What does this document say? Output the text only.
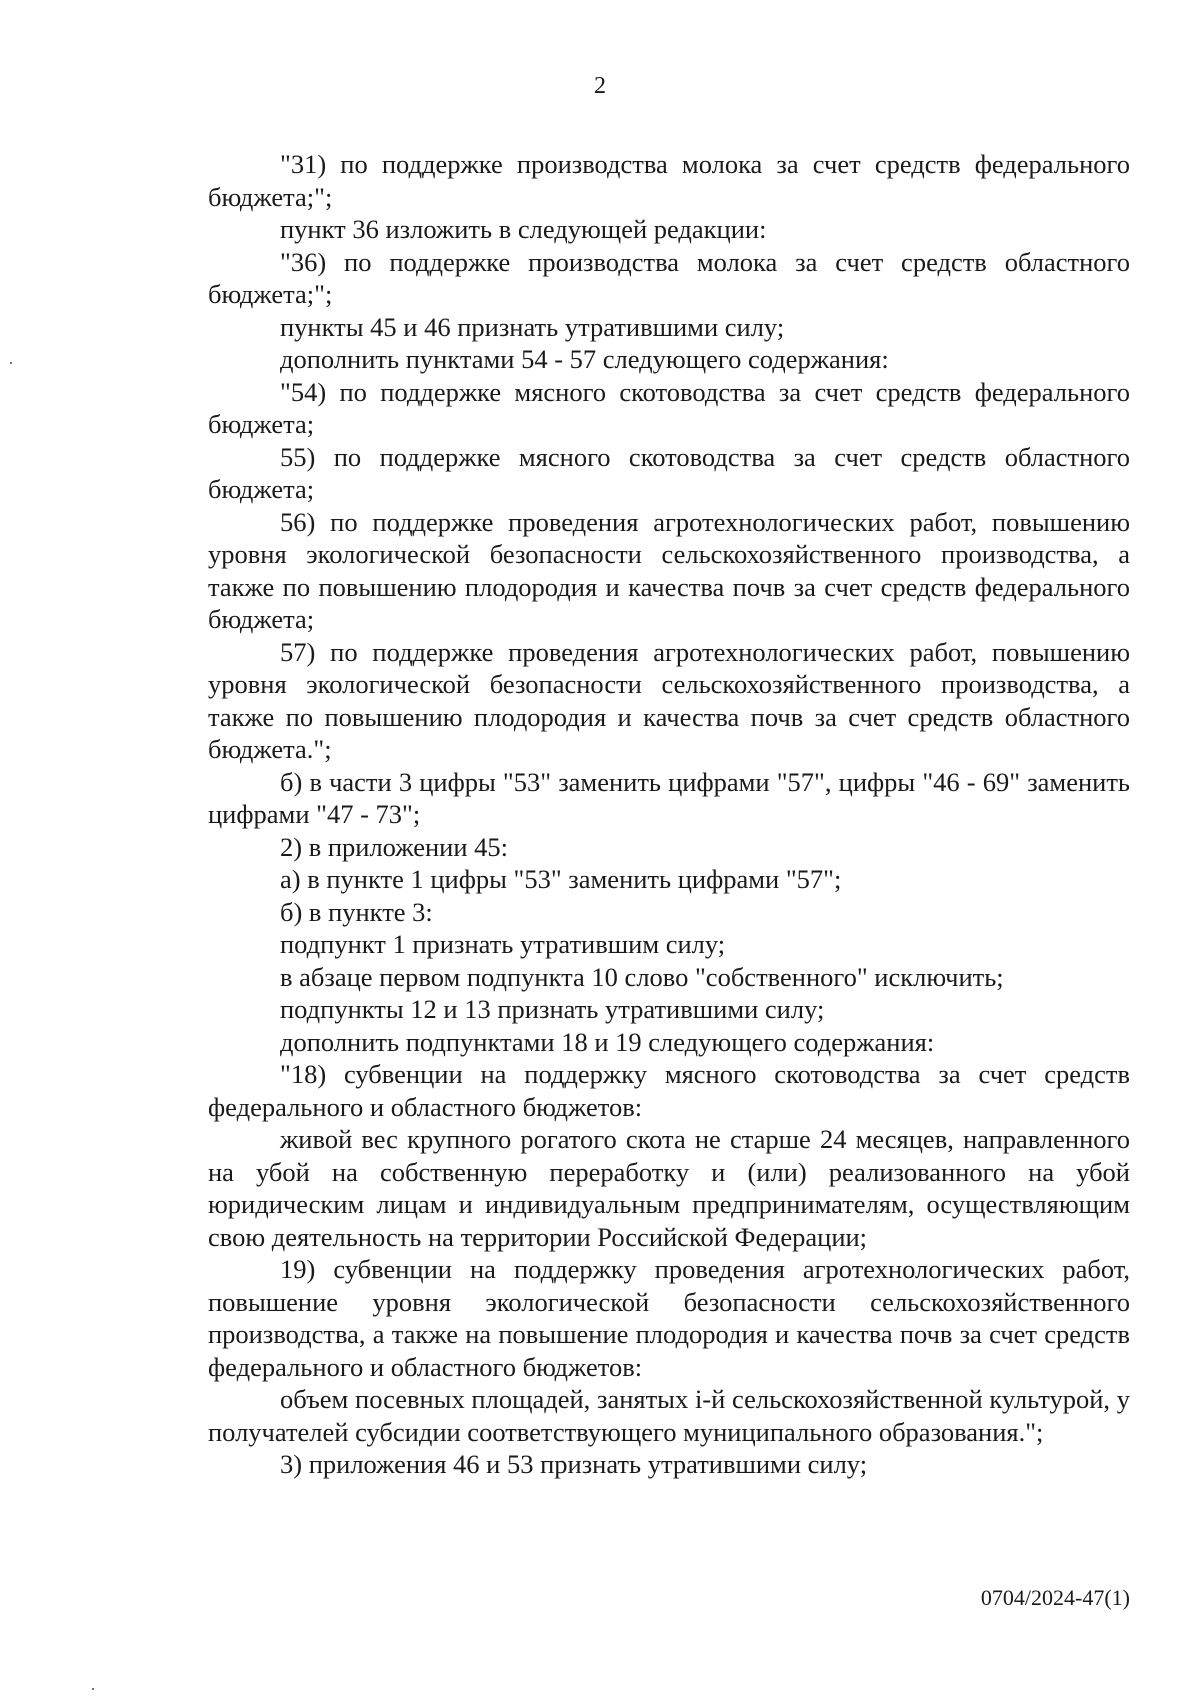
2

"31) по поддержке производства молока за счет средств федерального бюджета;";

пункт 36 изложить в следующей редакции:

"36) по поддержке производства молока за счет средств областного бюджета;";

пункты 45 и 46 признать утратившими силу;

дополнить пунктами 54 - 57 следующего содержания:

"54) по поддержке мясного скотоводства за счет средств федерального бюджета;

55) по поддержке мясного скотоводства за счет средств областного бюджета;

56) по поддержке проведения агротехнологических работ, повышению уровня экологической безопасности сельскохозяйственного производства, а также по повышению плодородия и качества почв за счет средств федерального бюджета;

57) по поддержке проведения агротехнологических работ, повышению уровня экологической безопасности сельскохозяйственного производства, а также по повышению плодородия и качества почв за счет средств областного бюджета.";

б) в части 3 цифры "53" заменить цифрами "57", цифры "46 - 69" заменить цифрами "47 - 73";

2) в приложении 45:

а) в пункте 1 цифры "53" заменить цифрами "57";

б) в пункте 3:

подпункт 1 признать утратившим силу;

в абзаце первом подпункта 10 слово "собственного" исключить;

подпункты 12 и 13 признать утратившими силу;

дополнить подпунктами 18 и 19 следующего содержания:

"18) субвенции на поддержку мясного скотоводства за счет средств федерального и областного бюджетов:

живой вес крупного рогатого скота не старше 24 месяцев, направленного на убой на собственную переработку и (или) реализованного на убой юридическим лицам и индивидуальным предпринимателям, осуществляющим свою деятельность на территории Российской Федерации;

19) субвенции на поддержку проведения агротехнологических работ, повышение уровня экологической безопасности сельскохозяйственного производства, а также на повышение плодородия и качества почв за счет средств федерального и областного бюджетов:

объем посевных площадей, занятых i-й сельскохозяйственной культурой, у получателей субсидии соответствующего муниципального образования.";

3) приложения 46 и 53 признать утратившими силу;

0704/2024-47(1)
